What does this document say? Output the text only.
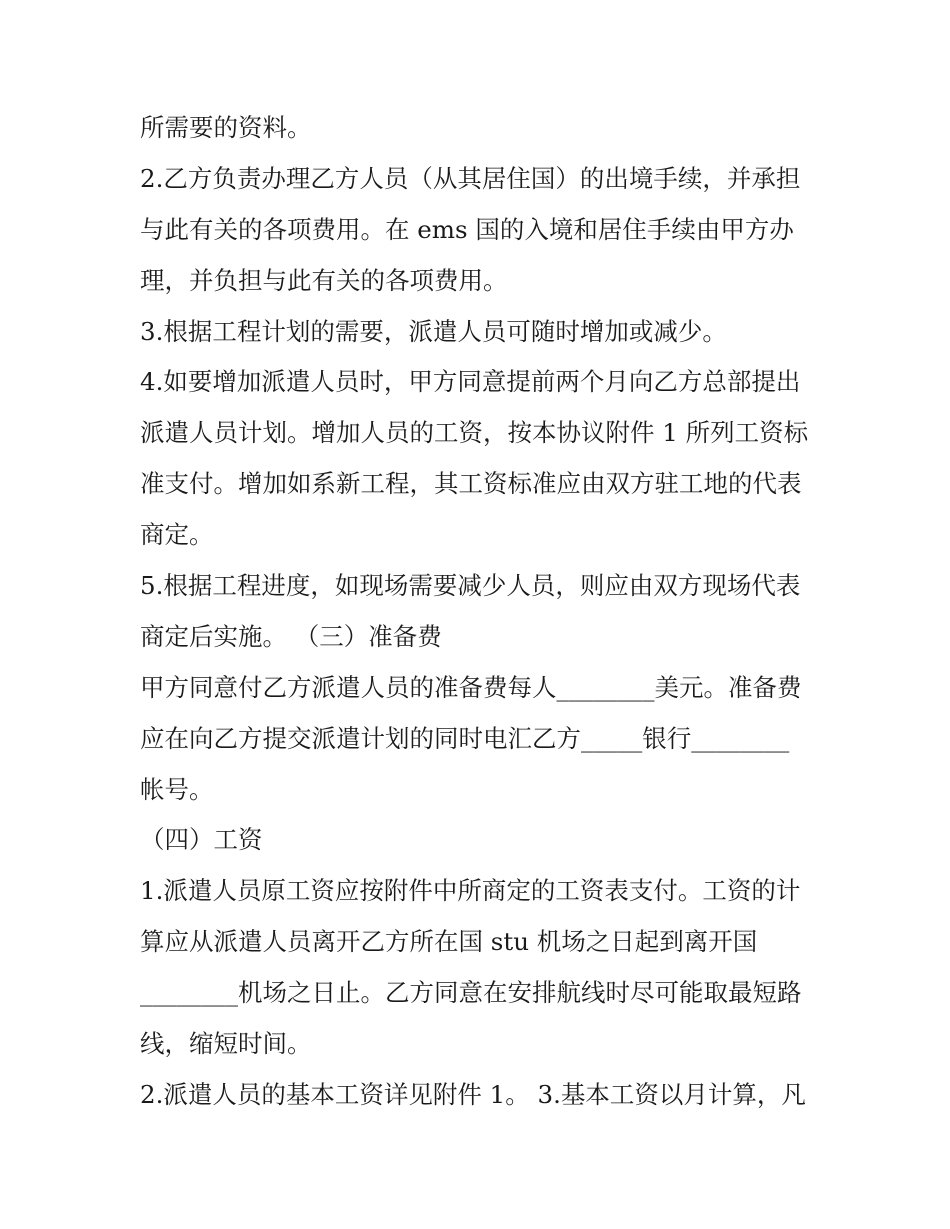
所需要的资料。
2.乙方负责办理乙方人员（从其居住国）的出境手续，并承担
与此有关的各项费用。在 ems 国的入境和居住手续由甲方办
理，并负担与此有关的各项费用。
3.根据工程计划的需要，派遣人员可随时增加或减少。
4.如要增加派遣人员时，甲方同意提前两个月向乙方总部提出
派遣人员计划。增加人员的工资，按本协议附件 1 所列工资标
准支付。增加如系新工程，其工资标准应由双方驻工地的代表
商定。
5.根据工程进度，如现场需要减少人员，则应由双方现场代表
商定后实施。 （三）准备费
甲方同意付乙方派遣人员的准备费每人________美元。准备费
应在向乙方提交派遣计划的同时电汇乙方_____银行________
帐号。
（四）工资
1.派遣人员原工资应按附件中所商定的工资表支付。工资的计
算应从派遣人员离开乙方所在国 stu 机场之日起到离开国
________机场之日止。乙方同意在安排航线时尽可能取最短路
线，缩短时间。
2.派遣人员的基本工资详见附件 1。 3.基本工资以月计算，凡
